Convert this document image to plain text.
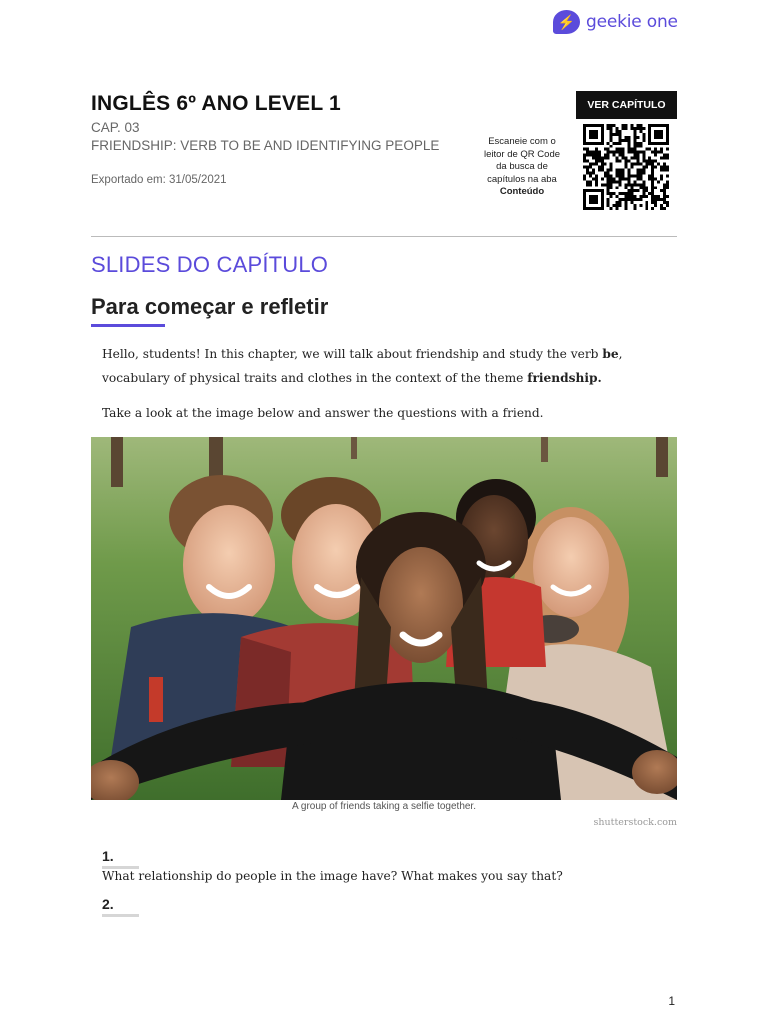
⚡ geekie one
INGLÊS 6º ANO LEVEL 1
CAP. 03
FRIENDSHIP: VERB TO BE AND IDENTIFYING PEOPLE
Exportado em: 31/05/2021
VER CAPÍTULO
Escaneie com o leitor de QR Code da busca de capítulos na aba Conteúdo
SLIDES DO CAPÍTULO
Para começar e refletir
Hello, students! In this chapter, we will talk about friendship and study the verb be, vocabulary of physical traits and clothes in the context of the theme friendship.
Take a look at the image below and answer the questions with a friend.
A group of friends taking a selfie together.
shutterstock.com
1.
What relationship do people in the image have? What makes you say that?
2.
1
